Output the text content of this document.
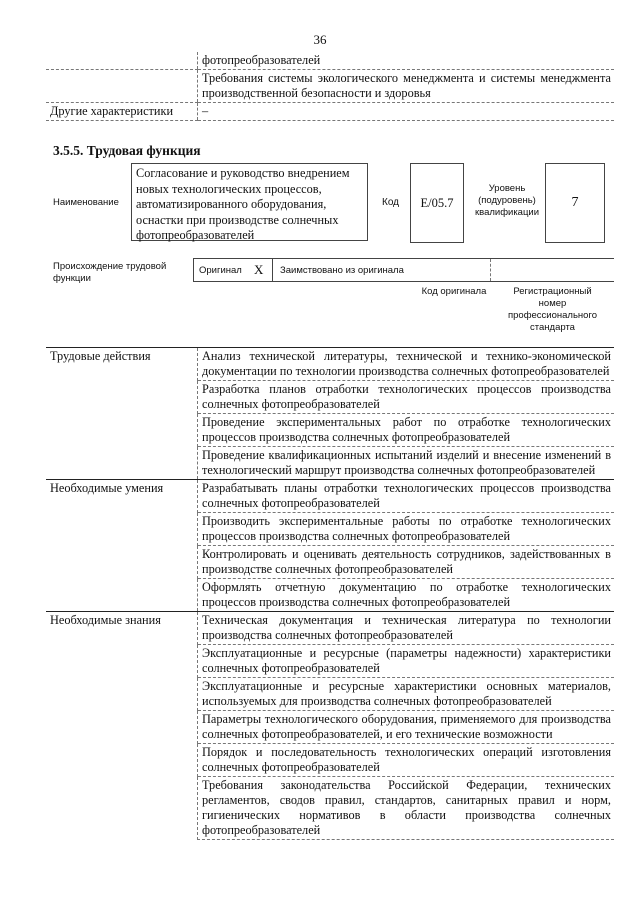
36
	фотопреобразователей
	Требования системы экологического менеджмента и системы менеджмента производственной безопасности и здоровья
Другие характеристики	–
3.5.5. Трудовая функция
Наименование
Согласование и руководство внедрением новых технологических процессов, автоматизированного оборудования, оснастки при производстве солнечных фотопреобразователей
Код E/05.7
Уровень (подуровень) квалификации
7
Происхождение трудовой функции
Оригинал X Заимствовано из оригинала
Код оригинала	Регистрационный номер профессионального стандарта
Трудовые действия	Анализ технической литературы, технической и технико-экономической документации по технологии производства солнечных фотопреобразователей
	Разработка планов отработки технологических процессов производства солнечных фотопреобразователей
	Проведение экспериментальных работ по отработке технологических процессов производства солнечных фотопреобразователей
	Проведение квалификационных испытаний изделий и внесение изменений в технологический маршрут производства солнечных фотопреобразователей
Необходимые умения	Разрабатывать планы отработки технологических процессов производства солнечных фотопреобразователей
	Производить экспериментальные работы по отработке технологических процессов производства солнечных фотопреобразователей
	Контролировать и оценивать деятельность сотрудников, задействованных в производстве солнечных фотопреобразователей
	Оформлять отчетную документацию по отработке технологических процессов производства солнечных фотопреобразователей
Необходимые знания	Техническая документация и техническая литература по технологии производства солнечных фотопреобразователей
	Эксплуатационные и ресурсные (параметры надежности) характеристики солнечных фотопреобразователей
	Эксплуатационные и ресурсные характеристики основных материалов, используемых для производства солнечных фотопреобразователей
	Параметры технологического оборудования, применяемого для производства солнечных фотопреобразователей, и его технические возможности
	Порядок и последовательность технологических операций изготовления солнечных фотопреобразователей
	Требования законодательства Российской Федерации, технических регламентов, сводов правил, стандартов, санитарных правил и норм, гигиенических нормативов в области производства солнечных фотопреобразователей
